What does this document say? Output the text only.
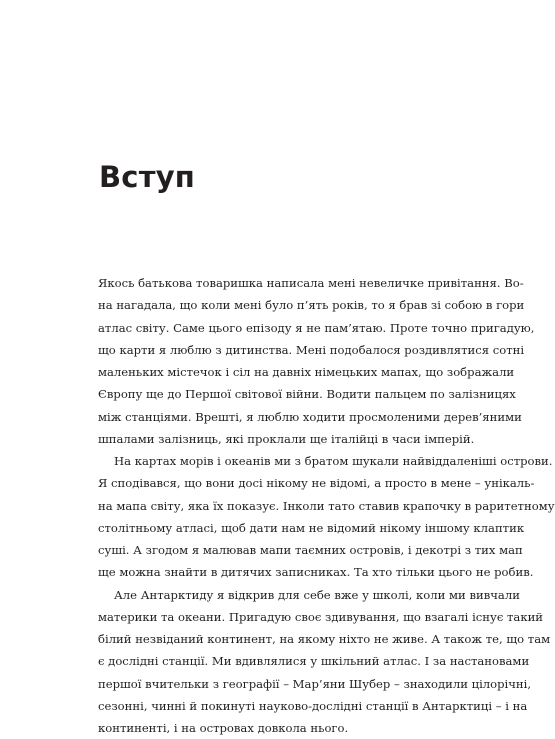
Вступ
Якось батькова товаришка написала мені невеличке привітання. Во-
на нагадала, що коли мені було п’ять років, то я брав зі собою в гори
атлас світу. Саме цього епізоду я не пам’ятаю. Проте точно пригадую,
що карти я люблю з дитинства. Мені подобалося роздивлятися сотні
маленьких містечок і сіл на давніх німецьких мапах, що зображали
Європу ще до Першої світової війни. Водити пальцем по залізницях
між станціями. Врешті, я люблю ходити просмоленими дерев’яними
шпалами залізниць, які проклали ще італійці в часи імперій.
На картах морів і океанів ми з братом шукали найвіддаленіші острови.
Я сподівався, що вони досі нікому не відомі, а просто в мене – унікаль-
на мапа світу, яка їх показує. Інколи тато ставив крапочку в раритетному
столітньому атласі, щоб дати нам не відомий нікому іншому клаптик
суші. А згодом я малював мапи таємних островів, і декотрі з тих мап
ще можна знайти в дитячих записниках. Та хто тільки цього не робив.
Але Антарктиду я відкрив для себе вже у школі, коли ми вивчали
материки та океани. Пригадую своє здивування, що взагалі існує такий
білий незвіданий континент, на якому ніхто не живе. А також те, що там
є дослідні станції. Ми вдивлялися у шкільний атлас. І за настановами
першої вчительки з географії – Мар’яни Шубер – знаходили цілорічні,
сезонні, чинні й покинуті науково-дослідні станції в Антарктиці – і на
континенті, і на островах довкола нього.
